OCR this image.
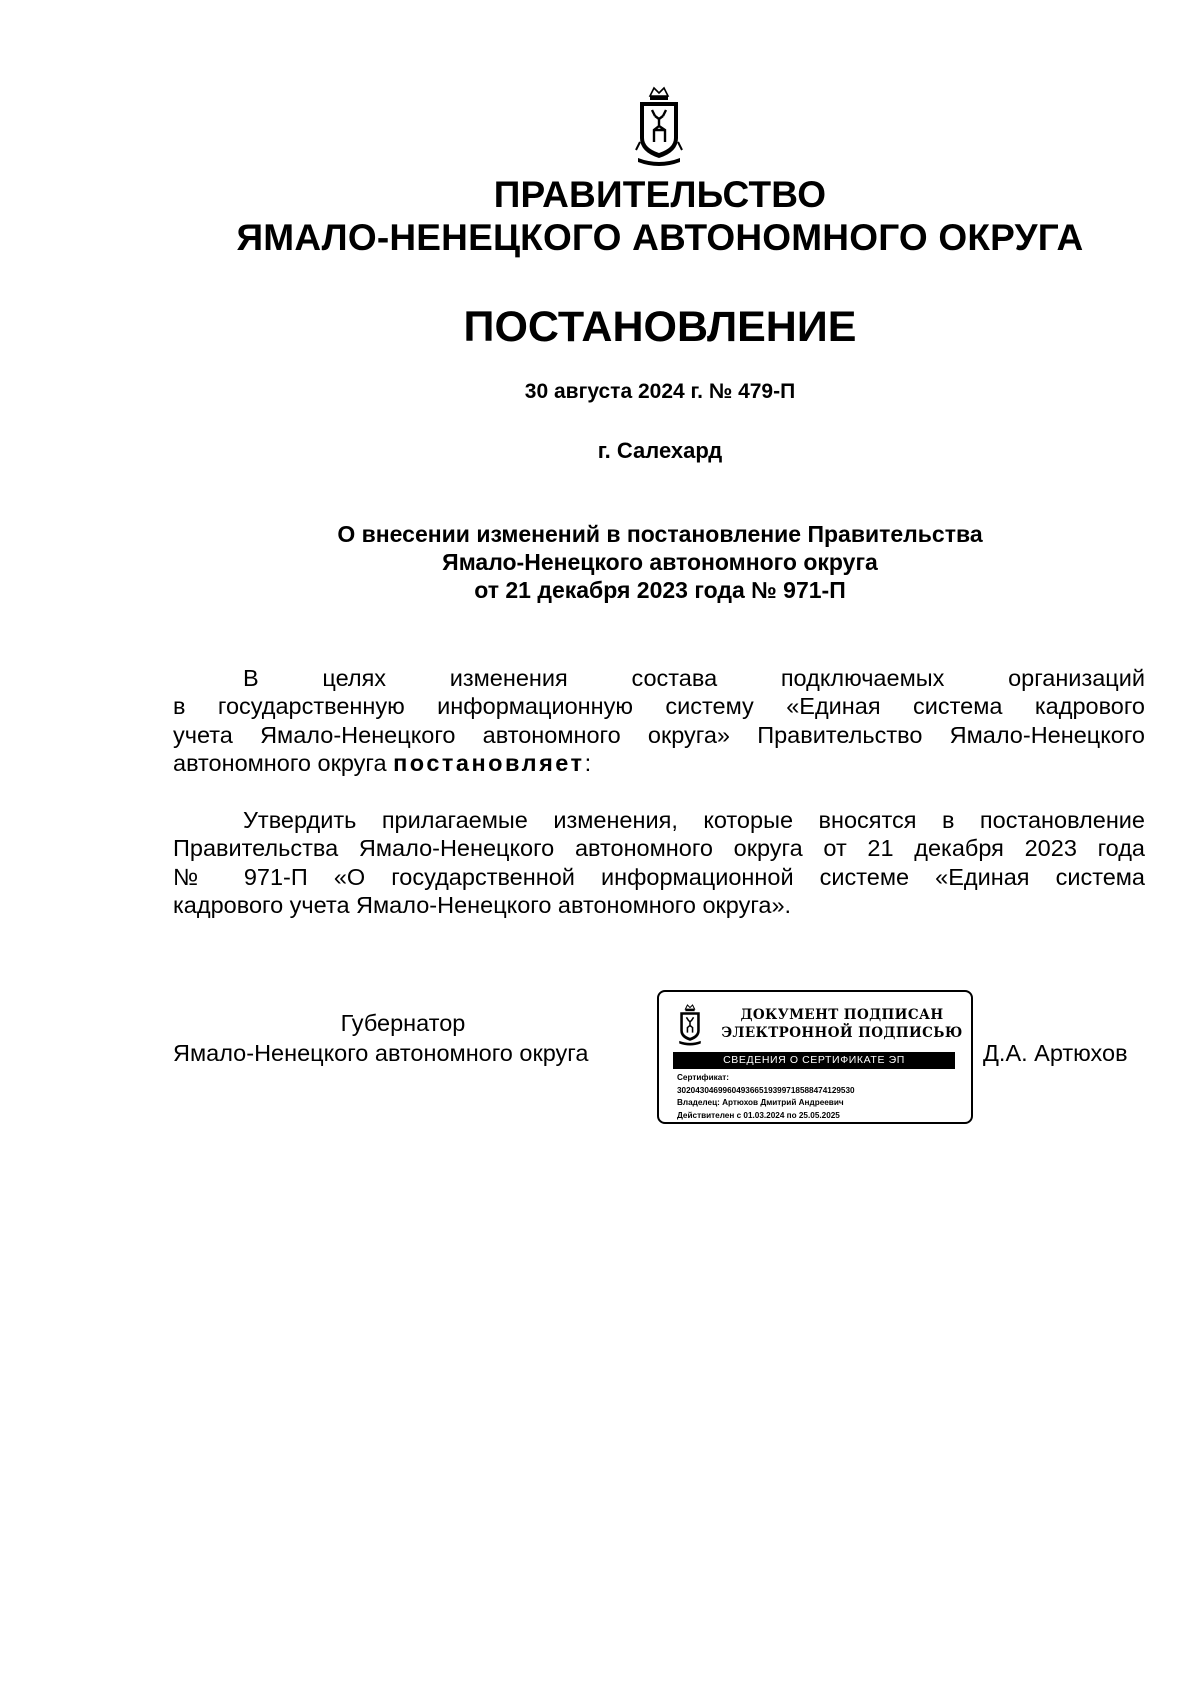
ПРАВИТЕЛЬСТВО
ЯМАЛО-НЕНЕЦКОГО АВТОНОМНОГО ОКРУГА
ПОСТАНОВЛЕНИЕ
30 августа 2024 г. № 479-П
г. Салехард
О внесении изменений в постановление Правительства
Ямало-Ненецкого автономного округа
от 21 декабря 2023 года № 971-П
В целях изменения состава подключаемых организаций
в государственную информационную систему «Единая система кадрового
учета Ямало-Ненецкого автономного округа» Правительство Ямало-Ненецкого
автономного округа постановляет:
Утвердить прилагаемые изменения, которые вносятся в постановление
Правительства Ямало-Ненецкого автономного округа от 21 декабря 2023 года
№ 971-П «О государственной информационной системе «Единая система
кадрового учета Ямало-Ненецкого автономного округа».
Губернатор
Ямало-Ненецкого автономного округа
ДОКУМЕНТ ПОДПИСАН
ЭЛЕКТРОННОЙ ПОДПИСЬЮ
СВЕДЕНИЯ О СЕРТИФИКАТЕ ЭП
Сертификат:
302043046996049366519399718588474129530
Владелец: Артюхов Дмитрий Андреевич
Действителен с 01.03.2024 по 25.05.2025
Д.А. Артюхов
